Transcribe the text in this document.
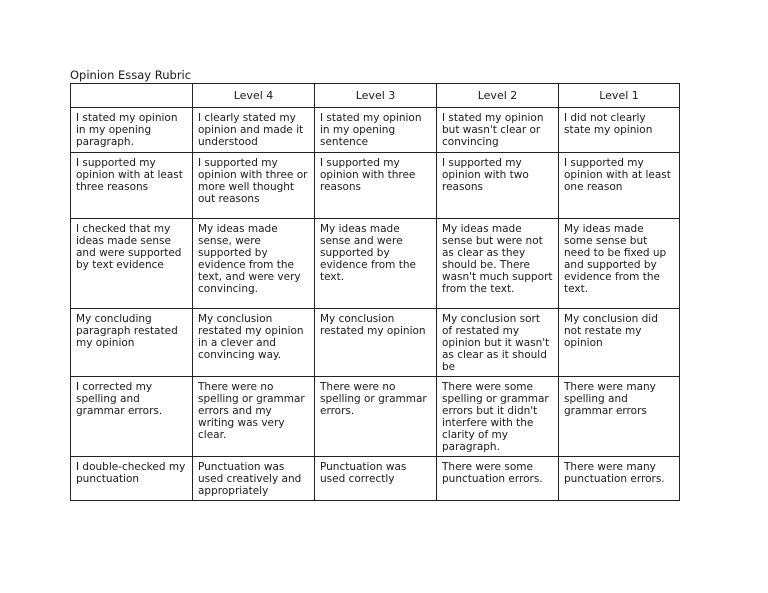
Opinion Essay Rubric
	Level 4	Level 3	Level 2	Level 1
I stated my opinion in my opening paragraph.	I clearly stated my opinion and made it understood	I stated my opinion in my opening sentence	I stated my opinion but wasn't clear or convincing	I did not clearly state my opinion
I supported my opinion with at least three reasons	I supported my opinion with three or more well thought out reasons	I supported my opinion with three reasons	I supported my opinion with two reasons	I supported my opinion with at least one reason
I checked that my ideas made sense and were supported by text evidence	My ideas made sense, were supported by evidence from the text, and were very convincing.	My ideas made sense and were supported by evidence from the text.	My ideas made sense but were not as clear as they should be. There wasn't much support from the text.	My ideas made some sense but need to be fixed up and supported by evidence from the text.
My concluding paragraph restated my opinion	My conclusion restated my opinion in a clever and convincing way.	My conclusion restated my opinion	My conclusion sort of restated my opinion but it wasn't as clear as it should be	My conclusion did not restate my opinion
I corrected my spelling and grammar errors.	There were no spelling or grammar errors and my writing was very clear.	There were no spelling or grammar errors.	There were some spelling or grammar errors but it didn't interfere with the clarity of my paragraph.	There were many spelling and grammar errors
I double-checked my punctuation	Punctuation was used creatively and appropriately	Punctuation was used correctly	There were some punctuation errors.	There were many punctuation errors.
